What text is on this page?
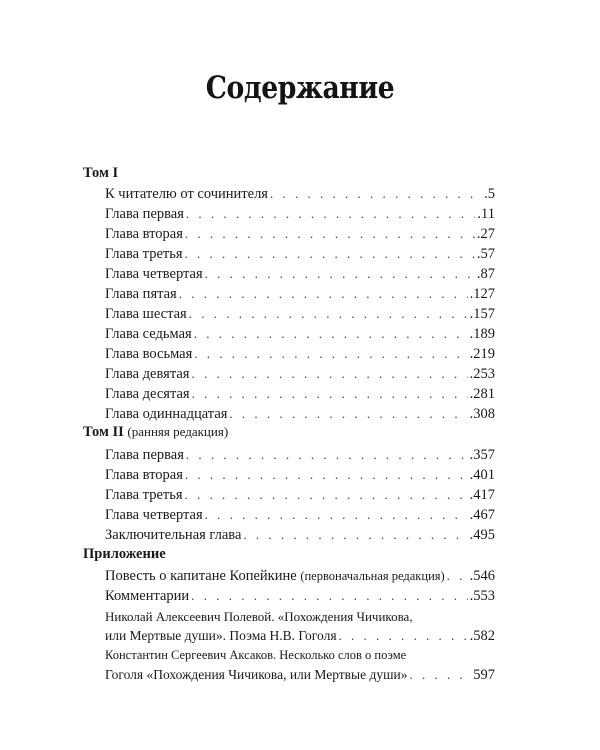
Содержание
Том I
К читателю от сочинителя . . .	.5
Глава первая . . .	.11
Глава вторая . . .	.27
Глава третья . . .	.57
Глава четвертая . . .	.87
Глава пятая . . .	.127
Глава шестая . . .	.157
Глава седьмая . . .	.189
Глава восьмая . . .	.219
Глава девятая . . .	.253
Глава десятая . . .	.281
Глава одиннадцатая . . .	.308
Том II (ранняя редакция)
Глава первая . . .	.357
Глава вторая . . .	.401
Глава третья . . .	.417
Глава четвертая . . .	.467
Заключительная глава . . .	.495
Приложение
Повесть о капитане Копейкине (первоначальная редакция) . . . .546
Комментарии . . .	.553
Николай Алексеевич Полевой. «Похождения Чичикова,
или Мертвые души». Поэма Н.В. Гоголя . . .	.582
Константин Сергеевич Аксаков. Несколько слов о поэме
Гоголя «Похождения Чичикова, или Мертвые души» . . .	597
